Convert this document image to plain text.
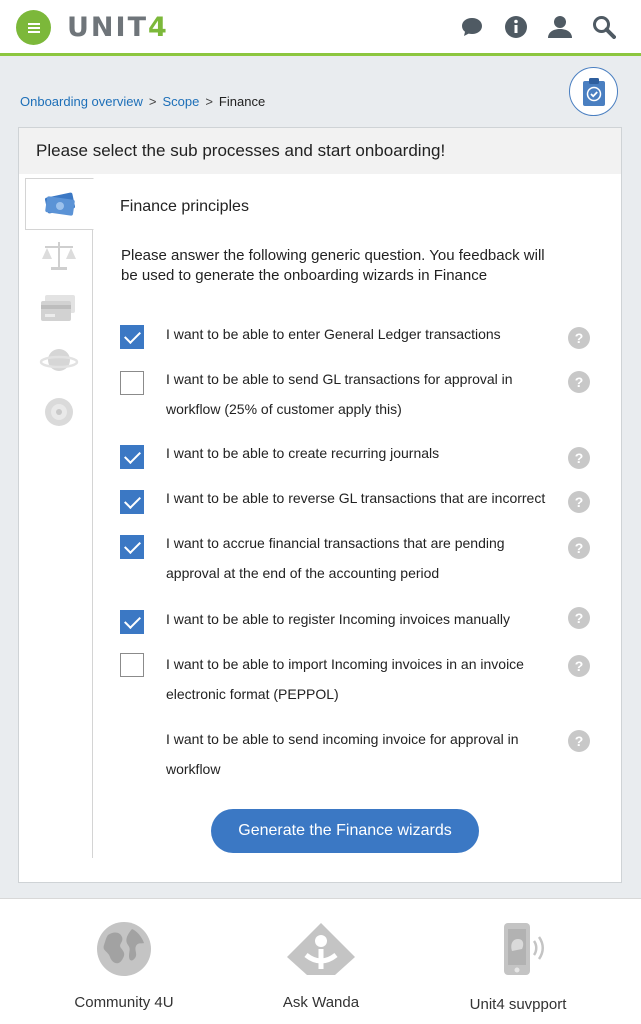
UNIT4
Onboarding overview > Scope > Finance
Please select the sub processes and start onboarding!
Finance principles
Please answer the following generic question. You feedback will be used to generate the onboarding wizards in Finance
I want to be able to enter General Ledger transactions	?
I want to be able to send GL transactions for approval in workflow (25% of customer apply this)
?
I want to be able to create recurring journals	?
I want to be able to reverse GL transactions that are incorrect	?
I want to accrue financial transactions that are pending approval at the end of the accounting period
?
I want to be able to register Incoming invoices manually	?
I want to be able to import Incoming invoices in an invoice electronic format (PEPPOL)
?
I want to be able to send incoming invoice for approval in workflow
?
Generate the Finance wizards
Community 4U	Ask Wanda	Unit4 suvpport
